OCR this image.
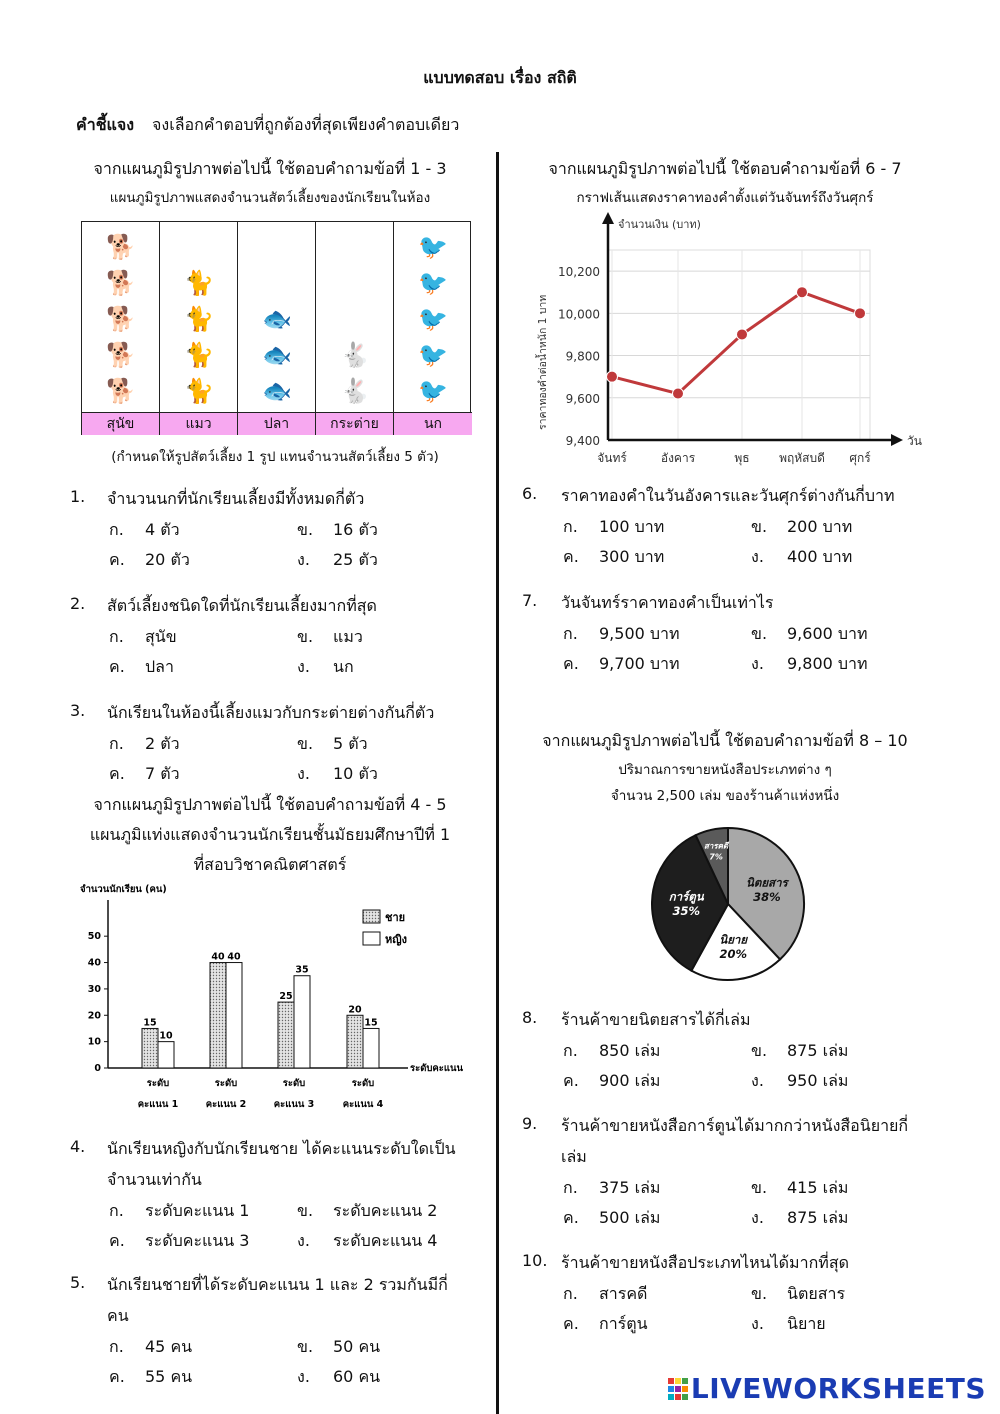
แบบทดสอบ เรื่อง สถิติ
คำชี้แจง จงเลือกคำตอบที่ถูกต้องที่สุดเพียงคำตอบเดียว
จากแผนภูมิรูปภาพต่อไปนี้ ใช้ตอบคำถามข้อที่ 1 - 3
แผนภูมิรูปภาพแสดงจำนวนสัตว์เลี้ยงของนักเรียนในห้อง
🐕
🐕
🐕
🐕
🐕
สุนัข
🐈
🐈
🐈
🐈
แมว
🐟
🐟
🐟
ปลา
🐇
🐇
กระต่าย
🐦
🐦
🐦
🐦
🐦
นก
(กำหนดให้รูปสัตว์เลี้ยง 1 รูป แทนจำนวนสัตว์เลี้ยง 5 ตัว)
จากแผนภูมิรูปภาพต่อไปนี้ ใช้ตอบคำถามข้อที่ 4 - 5
แผนภูมิแท่งแสดงจำนวนนักเรียนชั้นมัธยมศึกษาปีที่ 1
ที่สอบวิชาคณิตศาสตร์
จำนวนนักเรียน (คน)
0
10
20
30
40
50
15
10
ระดับ
คะแนน 1
40 40
ระดับ
คะแนน 2
25
35
ระดับ
คะแนน 3
20
15
ระดับ
คะแนน 4
ระดับคะแนน
ชาย
หญิง
จากแผนภูมิรูปภาพต่อไปนี้ ใช้ตอบคำถามข้อที่ 6 - 7
กราฟเส้นแสดงราคาทองคำตั้งแต่วันจันทร์ถึงวันศุกร์
9,400
9,600
9,800
10,000
10,200
จำนวนเงิน (บาท)
วัน
ราคาทองคำต่อน้ำหนัก 1 บาท
จันทร์	อังคาร	พุธ พฤหัสบดี ศุกร์
จากแผนภูมิรูปภาพต่อไปนี้ ใช้ตอบคำถามข้อที่ 8 – 10
ปริมาณการขายหนังสือประเภทต่าง ๆ
จำนวน 2,500 เล่ม ของร้านค้าแห่งหนึ่ง
นิตยสาร
38%
นิยาย
20%
การ์ตูน
35%
สารคดี
7%
1. จำนวนนกที่นักเรียนเลี้ยงมีทั้งหมดกี่ตัว
ก. 4 ตัว	ข. 16 ตัว
ค. 20 ตัว	ง. 25 ตัว
2. สัตว์เลี้ยงชนิดใดที่นักเรียนเลี้ยงมากที่สุด
ก. สุนัข	ข. แมว
ค. ปลา	ง. นก
3. นักเรียนในห้องนี้เลี้ยงแมวกับกระต่ายต่างกันกี่ตัว
ก. 2 ตัว	ข. 5 ตัว
ค. 7 ตัว	ง. 10 ตัว
4. นักเรียนหญิงกับนักเรียนชาย ได้คะแนนระดับใดเป็น
จำนวนเท่ากัน
ก. ระดับคะแนน 1	ข. ระดับคะแนน 2
ค. ระดับคะแนน 3	ง. ระดับคะแนน 4
5. นักเรียนชายที่ได้ระดับคะแนน 1 และ 2 รวมกันมีกี่
คน
ก. 45 คน	ข. 50 คน
ค. 55 คน	ง. 60 คน
6. ราคาทองคำในวันอังคารและวันศุกร์ต่างกันกี่บาท
ก. 100 บาท	ข. 200 บาท
ค. 300 บาท	ง. 400 บาท
7. วันจันทร์ราคาทองคำเป็นเท่าไร
ก. 9,500 บาท	ข. 9,600 บาท
ค. 9,700 บาท	ง. 9,800 บาท
8. ร้านค้าขายนิตยสารได้กี่เล่ม
ก. 850 เล่ม	ข. 875 เล่ม
ค. 900 เล่ม	ง. 950 เล่ม
9. ร้านค้าขายหนังสือการ์ตูนได้มากกว่าหนังสือนิยายกี่
เล่ม
ก. 375 เล่ม	ข. 415 เล่ม
ค. 500 เล่ม	ง. 875 เล่ม
10. ร้านค้าขายหนังสือประเภทไหนได้มากที่สุด
ก. สารคดี	ข. นิตยสาร
ค. การ์ตูน	ง. นิยาย
LIVEWORKSHEETS
